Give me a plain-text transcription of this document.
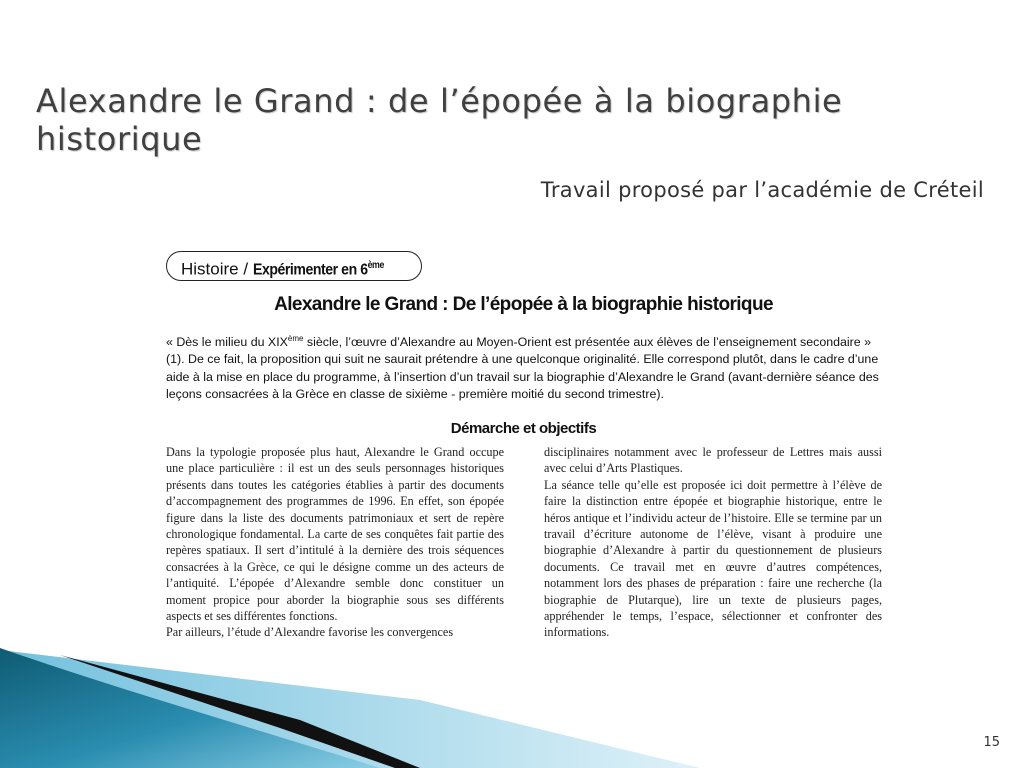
Alexandre le Grand : de l’épopée à la biographie historique
Travail proposé par l’académie de Créteil
Histoire / Expérimenter en 6ème
Alexandre le Grand : De l’épopée à la biographie historique

« Dès le milieu du XIXème siècle, l’œuvre d’Alexandre au Moyen-Orient est présentée aux élèves de l’enseignement secondaire » (1). De ce fait, la proposition qui suit ne saurait prétendre à une quelconque originalité. Elle correspond plutôt, dans le cadre d’une aide à la mise en place du programme, à l’insertion d’un travail sur la biographie d’Alexandre le Grand (avant-dernière séance des leçons consacrées à la Grèce en classe de sixième - première moitié du second trimestre).

Démarche et objectifs

Dans la typologie proposée plus haut, Alexandre le Grand occupe une place particulière : il est un des seuls personnages historiques présents dans toutes les catégories établies à partir des documents d’accompagnement des programmes de 1996. En effet, son épopée figure dans la liste des documents patrimoniaux et sert de repère chronologique fondamental. La carte de ses conquêtes fait partie des repères spatiaux. Il sert d’intitulé à la dernière des trois séquences consacrées à la Grèce, ce qui le désigne comme un des acteurs de l’antiquité. L’épopée d’Alexandre semble donc constituer un moment propice pour aborder la biographie sous ses différents aspects et ses différentes fonctions.

Par ailleurs, l’étude d’Alexandre favorise les convergences

disciplinaires notamment avec le professeur de Lettres mais aussi avec celui d’Arts Plastiques.

La séance telle qu’elle est proposée ici doit permettre à l’élève de faire la distinction entre épopée et biographie historique, entre le héros antique et l’individu acteur de l’histoire. Elle se termine par un travail d’écriture autonome de l’élève, visant à produire une biographie d’Alexandre à partir du questionnement de plusieurs documents. Ce travail met en œuvre d’autres compétences, notamment lors des phases de préparation : faire une recherche (la biographie de Plutarque), lire un texte de plusieurs pages, appréhender le temps, l’espace, sélectionner et confronter des informations.

15
